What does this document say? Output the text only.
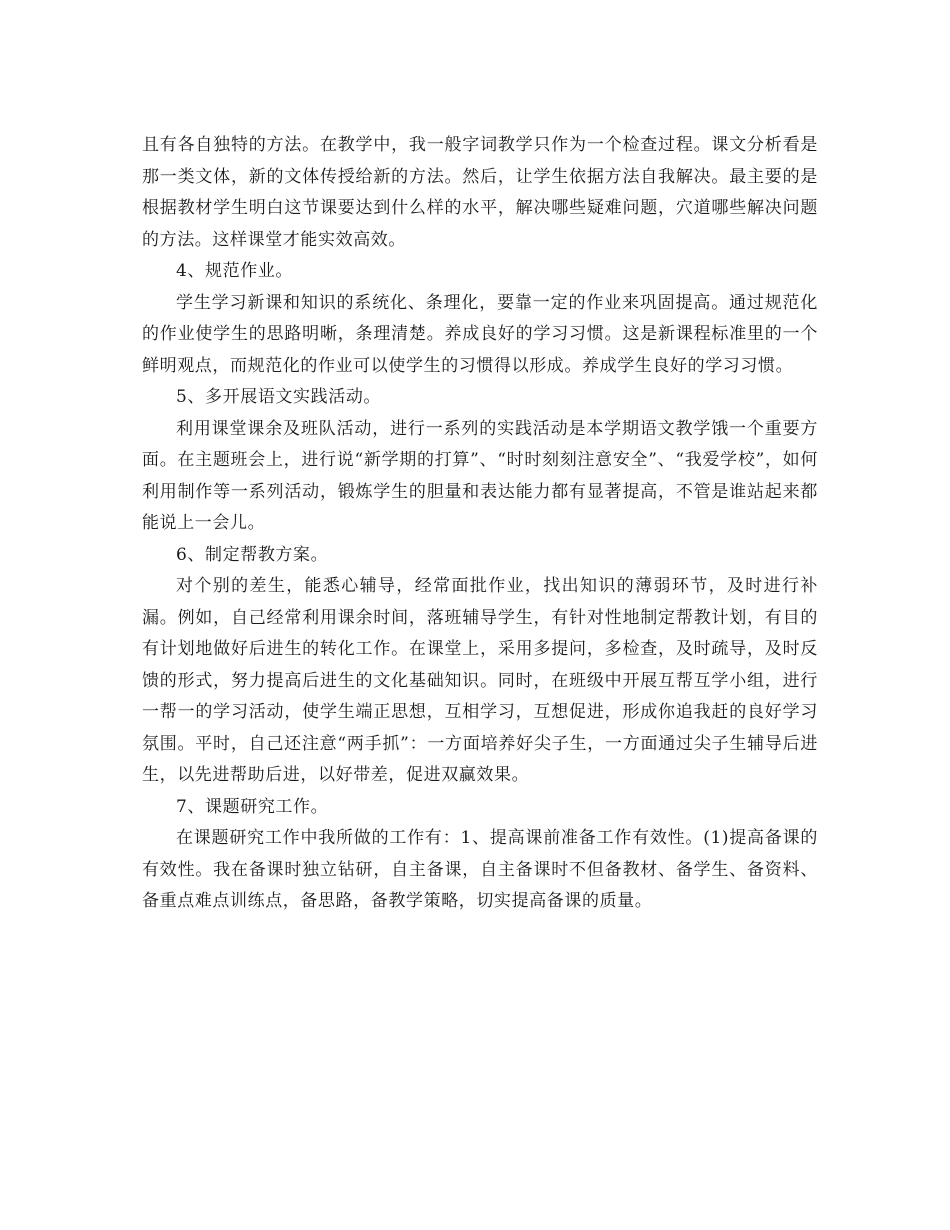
且有各自独特的方法。在教学中，我一般字词教学只作为一个检查过程。课文分析看是那一类文体，新的文体传授给新的方法。然后，让学生依据方法自我解决。最主要的是根据教材学生明白这节课要达到什么样的水平，解决哪些疑难问题，穴道哪些解决问题的方法。这样课堂才能实效高效。

4、规范作业。

学生学习新课和知识的系统化、条理化，要靠一定的作业来巩固提高。通过规范化的作业使学生的思路明晰，条理清楚。养成良好的学习习惯。这是新课程标准里的一个鲜明观点，而规范化的作业可以使学生的习惯得以形成。养成学生良好的学习习惯。

5、多开展语文实践活动。

利用课堂课余及班队活动，进行一系列的实践活动是本学期语文教学饿一个重要方面。在主题班会上，进行说“新学期的打算”、“时时刻刻注意安全”、“我爱学校”，如何利用制作等一系列活动，锻炼学生的胆量和表达能力都有显著提高，不管是谁站起来都能说上一会儿。

6、制定帮教方案。

对个别的差生，能悉心辅导，经常面批作业，找出知识的薄弱环节，及时进行补漏。例如，自己经常利用课余时间，落班辅导学生，有针对性地制定帮教计划，有目的有计划地做好后进生的转化工作。在课堂上，采用多提问，多检查，及时疏导，及时反馈的形式，努力提高后进生的文化基础知识。同时，在班级中开展互帮互学小组，进行一帮一的学习活动，使学生端正思想，互相学习，互想促进，形成你追我赶的良好学习氛围。平时，自己还注意“两手抓”：一方面培养好尖子生，一方面通过尖子生辅导后进生，以先进帮助后进，以好带差，促进双赢效果。

7、课题研究工作。

在课题研究工作中我所做的工作有：1、提高课前准备工作有效性。(1)提高备课的有效性。我在备课时独立钻研，自主备课，自主备课时不但备教材、备学生、备资料、备重点难点训练点，备思路，备教学策略，切实提高备课的质量。
